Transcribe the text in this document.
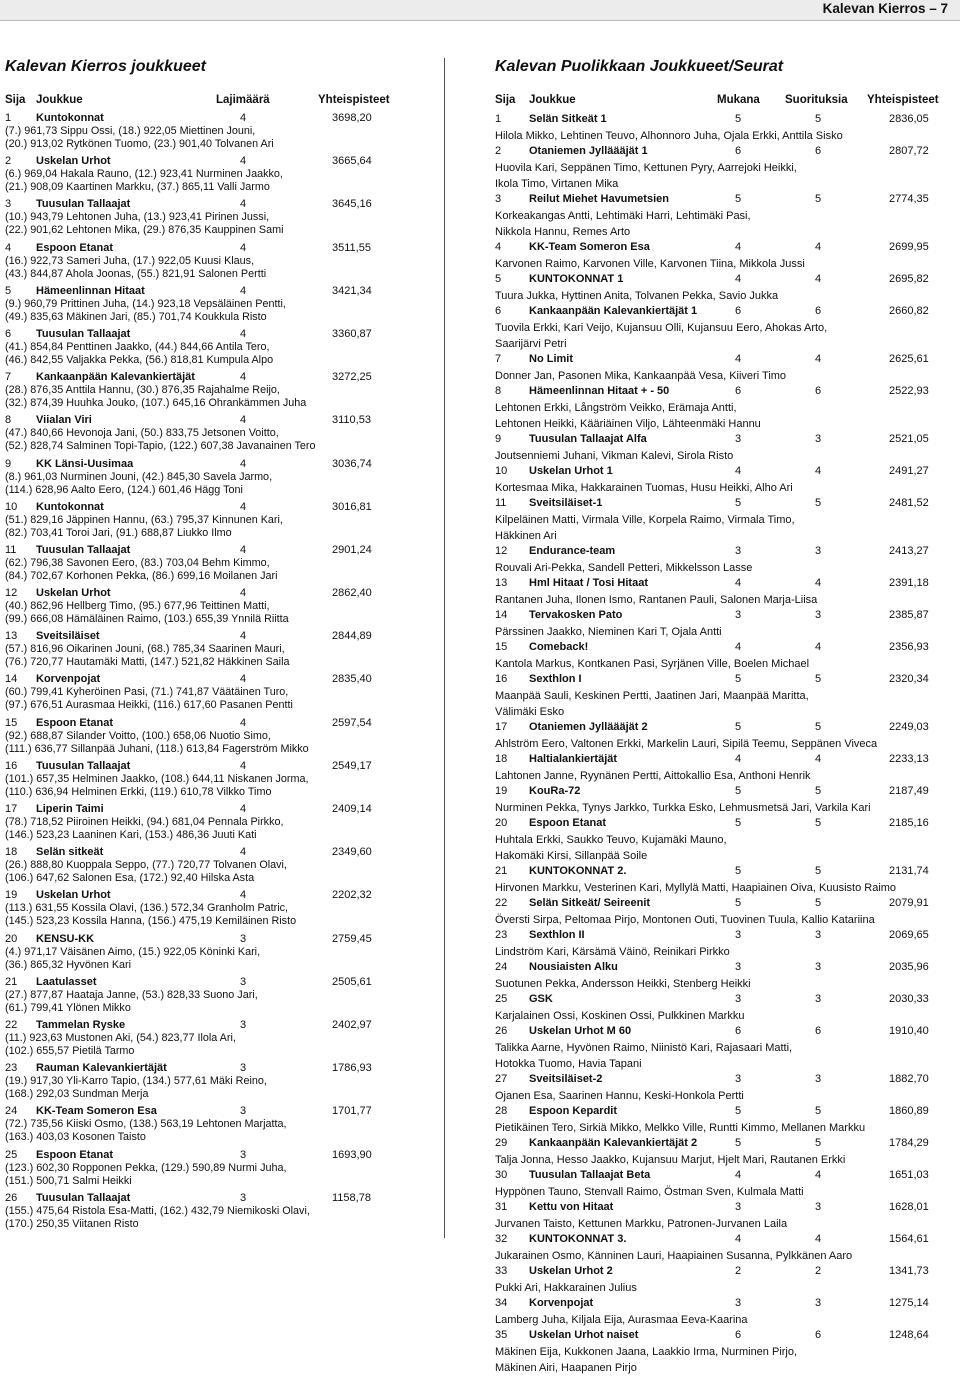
Kalevan Kierros – 7
Kalevan Kierros joukkueet
Sija Joukkue	Lajimäärä	Yhteispisteet
1 Kuntokonnat	4	3698,20
(7.) 961,73 Sippu Ossi, (18.) 922,05 Miettinen Jouni,
(20.) 913,02 Rytkönen Tuomo, (23.) 901,40 Tolvanen Ari
2 Uskelan Urhot	4	3665,64
(6.) 969,04 Hakala Rauno, (12.) 923,41 Nurminen Jaakko,
(21.) 908,09 Kaartinen Markku, (37.) 865,11 Valli Jarmo
3 Tuusulan Tallaajat	4	3645,16
(10.) 943,79 Lehtonen Juha, (13.) 923,41 Pirinen Jussi,
(22.) 901,62 Lehtonen Mika, (29.) 876,35 Kauppinen Sami
4 Espoon Etanat	4	3511,55
(16.) 922,73 Sameri Juha, (17.) 922,05 Kuusi Klaus,
(43.) 844,87 Ahola Joonas, (55.) 821,91 Salonen Pertti
5 Hämeenlinnan Hitaat	4	3421,34
(9.) 960,79 Prittinen Juha, (14.) 923,18 Vepsäläinen Pentti,
(49.) 835,63 Mäkinen Jari, (85.) 701,74 Koukkula Risto
6 Tuusulan Tallaajat	4	3360,87
(41.) 854,84 Penttinen Jaakko, (44.) 844,66 Antila Tero,
(46.) 842,55 Valjakka Pekka, (56.) 818,81 Kumpula Alpo
7 Kankaanpään Kalevankiertäjät	4	3272,25
(28.) 876,35 Anttila Hannu, (30.) 876,35 Rajahalme Reijo,
(32.) 874,39 Huuhka Jouko, (107.) 645,16 Ohrankämmen Juha
8 Viialan Viri	4	3110,53
(47.) 840,66 Hevonoja Jani, (50.) 833,75 Jetsonen Voitto,
(52.) 828,74 Salminen Topi-Tapio, (122.) 607,38 Javanainen Tero
9 KK Länsi-Uusimaa	4	3036,74
(8.) 961,03 Nurminen Jouni, (42.) 845,30 Savela Jarmo,
(114.) 628,96 Aalto Eero, (124.) 601,46 Hägg Toni
10 Kuntokonnat	4	3016,81
(51.) 829,16 Jäppinen Hannu, (63.) 795,37 Kinnunen Kari,
(82.) 703,41 Toroi Jari, (91.) 688,87 Liukko Ilmo
11 Tuusulan Tallaajat	4	2901,24
(62.) 796,38 Savonen Eero, (83.) 703,04 Behm Kimmo,
(84.) 702,67 Korhonen Pekka, (86.) 699,16 Moilanen Jari
12 Uskelan Urhot	4	2862,40
(40.) 862,96 Hellberg Timo, (95.) 677,96 Teittinen Matti,
(99.) 666,08 Hämäläinen Raimo, (103.) 655,39 Ynnilä Riitta
13 Sveitsiläiset	4	2844,89
(57.) 816,96 Oikarinen Jouni, (68.) 785,34 Saarinen Mauri,
(76.) 720,77 Hautamäki Matti, (147.) 521,82 Häkkinen Saila
14 Korvenpojat	4	2835,40
(60.) 799,41 Kyheröinen Pasi, (71.) 741,87 Väätäinen Turo,
(97.) 676,51 Aurasmaa Heikki, (116.) 617,60 Pasanen Pentti
15 Espoon Etanat	4	2597,54
(92.) 688,87 Silander Voitto, (100.) 658,06 Nuotio Simo,
(111.) 636,77 Sillanpää Juhani, (118.) 613,84 Fagerström Mikko
16 Tuusulan Tallaajat	4	2549,17
(101.) 657,35 Helminen Jaakko, (108.) 644,11 Niskanen Jorma,
(110.) 636,94 Helminen Erkki, (119.) 610,78 Vilkko Timo
17 Liperin Taimi	4	2409,14
(78.) 718,52 Piiroinen Heikki, (94.) 681,04 Pennala Pirkko,
(146.) 523,23 Laaninen Kari, (153.) 486,36 Juuti Kati
18 Selän sitkeät	4	2349,60
(26.) 888,80 Kuoppala Seppo, (77.) 720,77 Tolvanen Olavi,
(106.) 647,62 Salonen Esa, (172.) 92,40 Hilska Asta
19 Uskelan Urhot	4	2202,32
(113.) 631,55 Kossila Olavi, (136.) 572,34 Granholm Patric,
(145.) 523,23 Kossila Hanna, (156.) 475,19 Kemiläinen Risto
20 KENSU-KK	3	2759,45
(4.) 971,17 Väisänen Aimo, (15.) 922,05 Köninki Kari,
(36.) 865,32 Hyvönen Kari
21 Laatulasset	3	2505,61
(27.) 877,87 Haataja Janne, (53.) 828,33 Suono Jari,
(61.) 799,41 Ylönen Mikko
22 Tammelan Ryske	3	2402,97
(11.) 923,63 Mustonen Aki, (54.) 823,77 Ilola Ari,
(102.) 655,57 Pietilä Tarmo
23 Rauman Kalevankiertäjät	3	1786,93
(19.) 917,30 Yli-Karro Tapio, (134.) 577,61 Mäki Reino,
(168.) 292,03 Sundman Merja
24 KK-Team Someron Esa	3	1701,77
(72.) 735,56 Kiiski Osmo, (138.) 563,19 Lehtonen Marjatta,
(163.) 403,03 Kosonen Taisto
25 Espoon Etanat	3	1693,90
(123.) 602,30 Ropponen Pekka, (129.) 590,89 Nurmi Juha,
(151.) 500,71 Salmi Heikki
26 Tuusulan Tallaajat	3	1158,78
(155.) 475,64 Ristola Esa-Matti, (162.) 432,79 Niemikoski Olavi,
(170.) 250,35 Viitanen Risto
Kalevan Puolikkaan Joukkueet/Seurat
Sija Joukkue	Mukana Suorituksia Yhteispisteet
1	Selän Sitkeät 1	5	5	2836,05
Hilola Mikko, Lehtinen Teuvo, Alhonnoro Juha, Ojala Erkki, Anttila Sisko
2	Otaniemen Jylläääjät 1	6	6	2807,72
Huovila Kari, Seppänen Timo, Kettunen Pyry, Aarrejoki Heikki,
Ikola Timo, Virtanen Mika
3	Reilut Miehet Havumetsien	5	5	2774,35
Korkeakangas Antti, Lehtimäki Harri, Lehtimäki Pasi,
Nikkola Hannu, Remes Arto
4	KK-Team Someron Esa	4	4	2699,95
Karvonen Raimo, Karvonen Ville, Karvonen Tiina, Mikkola Jussi
5	KUNTOKONNAT 1	4	4	2695,82
Tuura Jukka, Hyttinen Anita, Tolvanen Pekka, Savio Jukka
6	Kankaanpään Kalevankiertäjät 1	6	6	2660,82
Tuovila Erkki, Kari Veijo, Kujansuu Olli, Kujansuu Eero, Ahokas Arto,
Saarijärvi Petri
7	No Limit	4	4	2625,61
Donner Jan, Pasonen Mika, Kankaanpää Vesa, Kiiveri Timo
8	Hämeenlinnan Hitaat + - 50	6	6	2522,93
Lehtonen Erkki, Långström Veikko, Erämaja Antti,
Lehtonen Heikki, Kääriäinen Viljo, Lähteenmäki Hannu
9	Tuusulan Tallaajat Alfa	3	3	2521,05
Joutsenniemi Juhani, Vikman Kalevi, Sirola Risto
10 Uskelan Urhot 1	4	4	2491,27
Kortesmaa Mika, Hakkarainen Tuomas, Husu Heikki, Alho Ari
11 Sveitsiläiset-1	5	5	2481,52
Kilpeläinen Matti, Virmala Ville, Korpela Raimo, Virmala Timo,
Häkkinen Ari
12 Endurance-team	3	3	2413,27
Rouvali Ari-Pekka, Sandell Petteri, Mikkelsson Lasse
13 Hml Hitaat / Tosi Hitaat	4	4	2391,18
Rantanen Juha, Ilonen Ismo, Rantanen Pauli, Salonen Marja-Liisa
14 Tervakosken Pato	3	3	2385,87
Pärssinen Jaakko, Nieminen Kari T, Ojala Antti
15 Comeback!	4	4	2356,93
Kantola Markus, Kontkanen Pasi, Syrjänen Ville, Boelen Michael
16 Sexthlon I	5	5	2320,34
Maanpää Sauli, Keskinen Pertti, Jaatinen Jari, Maanpää Maritta,
Välimäki Esko
17 Otaniemen Jylläääjät 2	5	5	2249,03
Ahlström Eero, Valtonen Erkki, Markelin Lauri, Sipilä Teemu, Seppänen Viveca
18 Haltialankiertäjät	4	4	2233,13
Lahtonen Janne, Ryynänen Pertti, Aittokallio Esa, Anthoni Henrik
19 KouRa-72	5	5	2187,49
Nurminen Pekka, Tynys Jarkko, Turkka Esko, Lehmusmetsä Jari, Varkila Kari
20 Espoon Etanat	5	5	2185,16
Huhtala Erkki, Saukko Teuvo, Kujamäki Mauno,
Hakomäki Kirsi, Sillanpää Soile
21 KUNTOKONNAT 2.	5	5	2131,74
Hirvonen Markku, Vesterinen Kari, Myllylä Matti, Haapiainen Oiva, Kuusisto Raimo
22 Selän Sitkeät/ Seireenit	5	5	2079,91
Överstі Sirpa, Peltomaa Pirjo, Montonen Outi, Tuovinen Tuula, Kallio Katariina
23 Sexthlon II	3	3	2069,65
Lindström Kari, Kärsämä Väinö, Reinikari Pirkko
24 Nousiaisten Alku	3	3	2035,96
Suotunen Pekka, Andersson Heikki, Stenberg Heikki
25 GSK	3	3	2030,33
Karjalainen Ossi, Koskinen Ossi, Pulkkinen Markku
26 Uskelan Urhot M 60	6	6	1910,40
Talikka Aarne, Hyvönen Raimo, Niinistö Kari, Rajasaari Matti,
Hotokka Tuomo, Havia Tapani
27 Sveitsiläiset-2	3	3	1882,70
Ojanen Esa, Saarinen Hannu, Keski-Honkola Pertti
28 Espoon Kepardit	5	5	1860,89
Pietikäinen Tero, Sirkiä Mikko, Melkko Ville, Runtti Kimmo, Mellanen Markku
29 Kankaanpään Kalevankiertäjät 2	5	5	1784,29
Talja Jonna, Hesso Jaakko, Kujansuu Marjut, Hjelt Mari, Rautanen Erkki
30 Tuusulan Tallaajat Beta	4	4	1651,03
Hyppönen Tauno, Stenvall Raimo, Östman Sven, Kulmala Matti
31 Kettu von Hitaat	3	3	1628,01
Jurvanen Taisto, Kettunen Markku, Patronen-Jurvanen Laila
32 KUNTOKONNAT 3.	4	4	1564,61
Jukarainen Osmo, Känninen Lauri, Haapiainen Susanna, Pylkkänen Aaro
33 Uskelan Urhot 2	2	2	1341,73
Pukki Ari, Hakkarainen Julius
34 Korvenpojat	3	3	1275,14
Lamberg Juha, Kiljala Eija, Aurasmaa Eeva-Kaarina
35 Uskelan Urhot naiset	6	6	1248,64
Mäkinen Eija, Kukkonen Jaana, Laakkio Irma, Nurminen Pirjo,
Mäkinen Airi, Haapanen Pirjo
